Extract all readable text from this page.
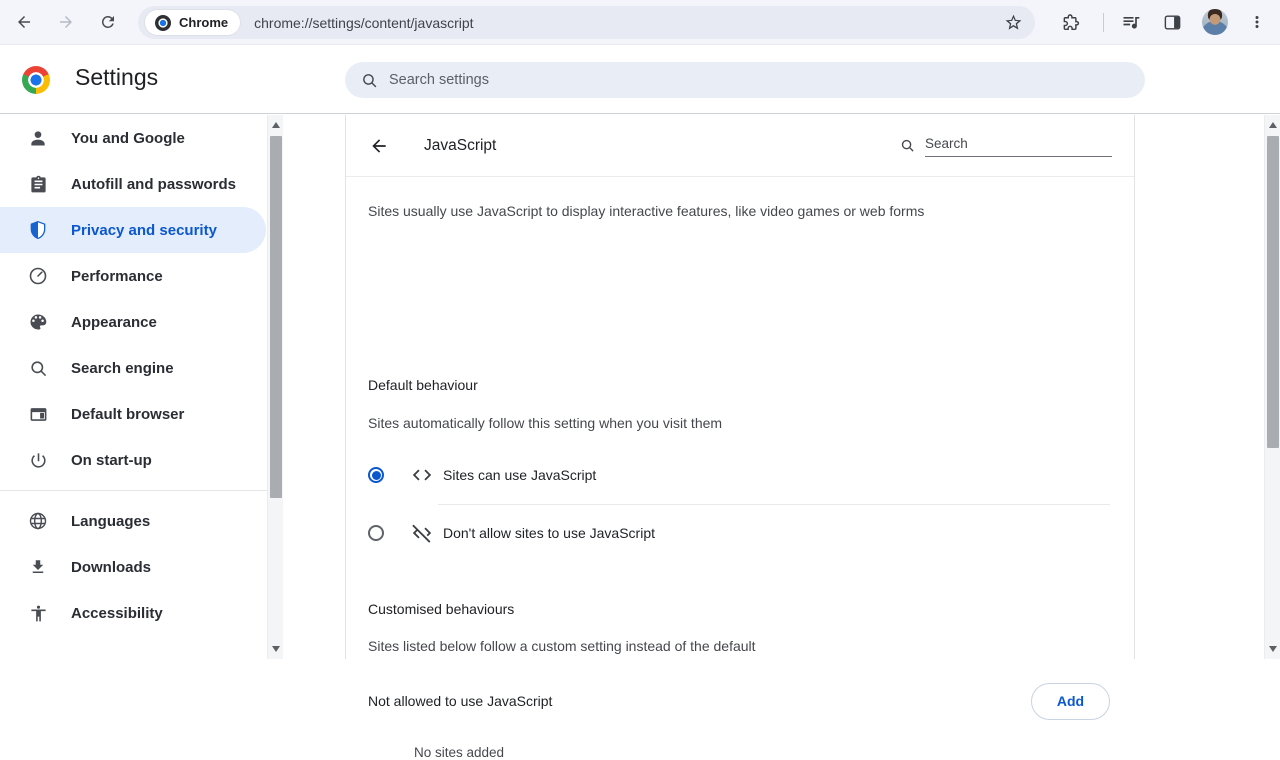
Chrome chrome://settings/content/javascript
Settings
Search settings
You and Google
Autofill and passwords
Privacy and security
Performance
Appearance
Search engine
Default browser
On start-up
Languages
Downloads
Accessibility
JavaScript
Search
Sites usually use JavaScript to display interactive features, like video games or web forms
Default behaviour
Sites automatically follow this setting when you visit them
Sites can use JavaScript
Don't allow sites to use JavaScript
Customised behaviours
Sites listed below follow a custom setting instead of the default
Not allowed to use JavaScript	Add
No sites added
